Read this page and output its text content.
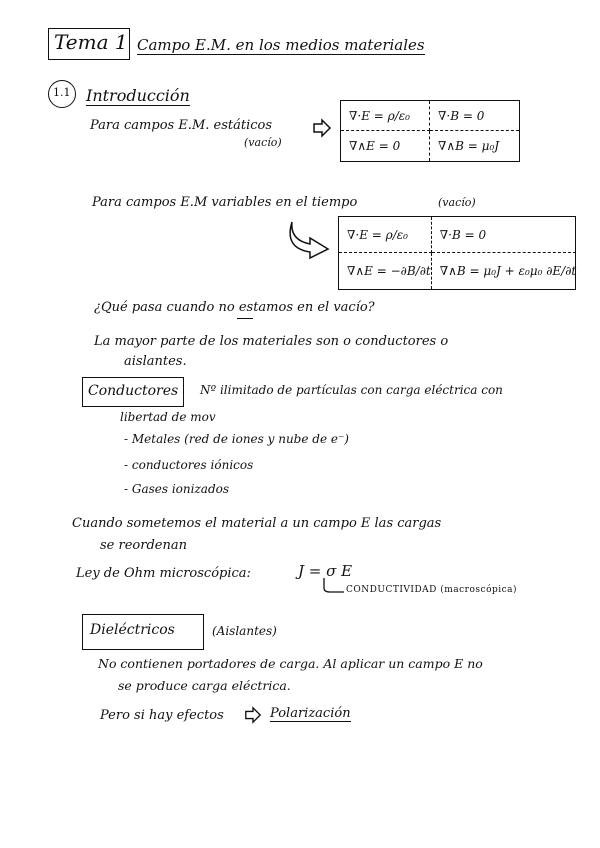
Tema 1 Campo E.M. en los medios materiales
1.1 Introducción
Para campos E.M. estáticos
(vacío)
∇·E = ρ/ε₀	∇·B = 0
∇∧E = 0	∇∧B = μ₀J
Para campos E.M variables en el tiempo	(vacío)
∇·E = ρ/ε₀	∇·B = 0
∇∧E = −∂B/∂t ∇∧B = μ₀J + ε₀μ₀ ∂E/∂t
¿Qué pasa cuando no estamos en el vacío?
La mayor parte de los materiales son o conductores o
aislantes.
Conductores Nº ilimitado de partículas con carga eléctrica con
libertad de mov
- Metales (red de iones y nube de e⁻)
- conductores iónicos
- Gases ionizados
Cuando sometemos el material a un campo E las cargas
se reordenan
Ley de Ohm microscópica:	J = σ E
CONDUCTIVIDAD (macroscópica)
Dieléctricos	(Aislantes)
No contienen portadores de carga. Al aplicar un campo E no
se produce carga eléctrica.
Pero si hay efectos	Polarización
